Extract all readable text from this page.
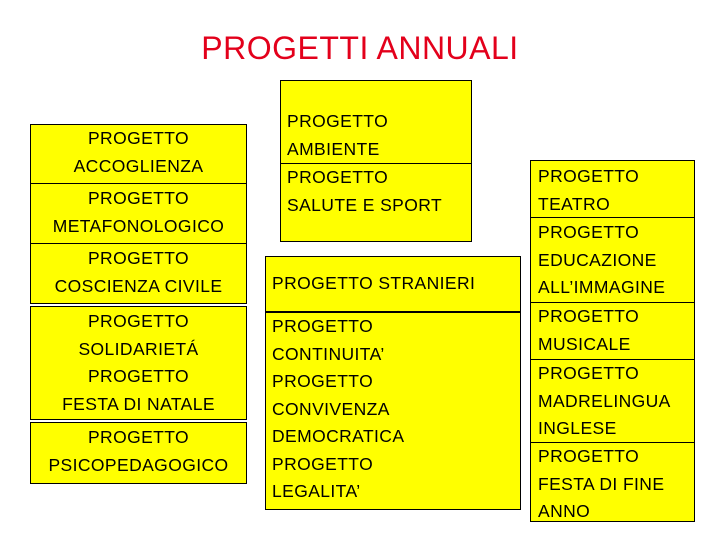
PROGETTI ANNUALI
PROGETTO
ACCOGLIENZA
PROGETTO
METAFONOLOGICO
PROGETTO
COSCIENZA CIVILE
PROGETTO
SOLIDARIETÁ
PROGETTO
FESTA DI NATALE
PROGETTO
PSICOPEDAGOGICO
PROGETTO
AMBIENTE
PROGETTO
SALUTE E SPORT
PROGETTO STRANIERI
PROGETTO
CONTINUITA’
PROGETTO
CONVIVENZA
DEMOCRATICA
PROGETTO
LEGALITA’
PROGETTO
TEATRO
PROGETTO
EDUCAZIONE
ALL’IMMAGINE
PROGETTO
MUSICALE
PROGETTO
MADRELINGUA
INGLESE
PROGETTO
FESTA DI FINE
ANNO
